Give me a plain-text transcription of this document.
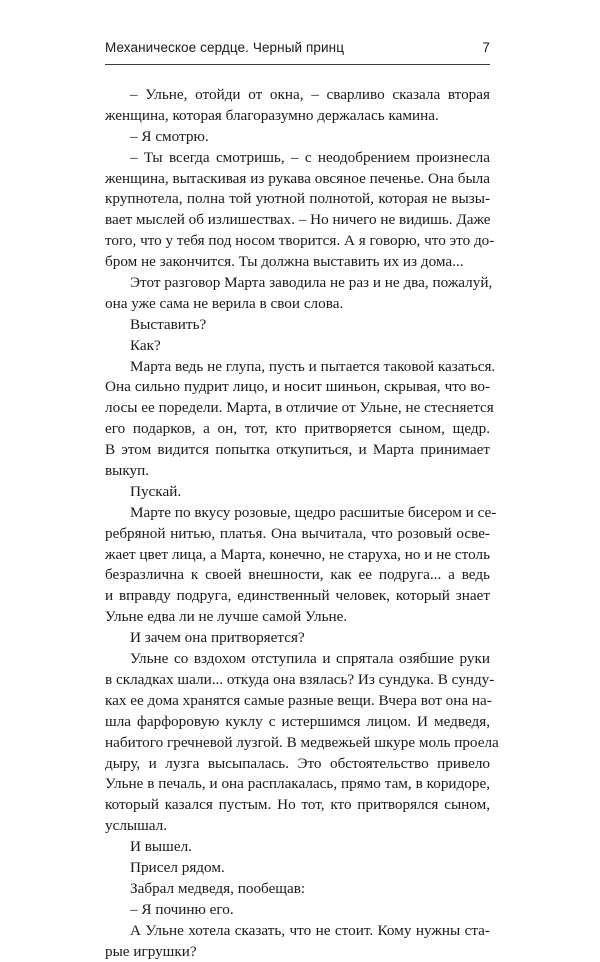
Механическое сердце. Черный принц	7
– Ульне, отойди от окна, – сварливо сказала вторая
женщина, которая благоразумно держалась камина.
– Я смотрю.
– Ты всегда смотришь, – с неодобрением произнесла
женщина, вытаскивая из рукава овсяное печенье. Она была
крупнотела, полна той уютной полнотой, которая не вызы-
вает мыслей об излишествах. – Но ничего не видишь. Даже
того, что у тебя под носом творится. А я говорю, что это до-
бром не закончится. Ты должна выставить их из дома...
Этот разговор Марта заводила не раз и не два, пожалуй,
она уже сама не верила в свои слова.
Выставить?
Как?
Марта ведь не глупа, пусть и пытается таковой казаться.
Она сильно пудрит лицо, и носит шиньон, скрывая, что во-
лосы ее поредели. Марта, в отличие от Ульне, не стесняется
его подарков, а он, тот, кто притворяется сыном, щедр.
В этом видится попытка откупиться, и Марта принимает
выкуп.
Пускай.
Марте по вкусу розовые, щедро расшитые бисером и се-
ребряной нитью, платья. Она вычитала, что розовый осве-
жает цвет лица, а Марта, конечно, не старуха, но и не столь
безразлична к своей внешности, как ее подруга... а ведь
и вправду подруга, единственный человек, который знает
Ульне едва ли не лучше самой Ульне.
И зачем она притворяется?
Ульне со вздохом отступила и спрятала озябшие руки
в складках шали... откуда она взялась? Из сундука. В сунду-
ках ее дома хранятся самые разные вещи. Вчера вот она на-
шла фарфоровую куклу с истершимся лицом. И медведя,
набитого гречневой лузгой. В медвежьей шкуре моль проела
дыру, и лузга высыпалась. Это обстоятельство привело
Ульне в печаль, и она расплакалась, прямо там, в коридоре,
который казался пустым. Но тот, кто притворялся сыном,
услышал.
И вышел.
Присел рядом.
Забрал медведя, пообещав:
– Я починю его.
А Ульне хотела сказать, что не стоит. Кому нужны ста-
рые игрушки?
